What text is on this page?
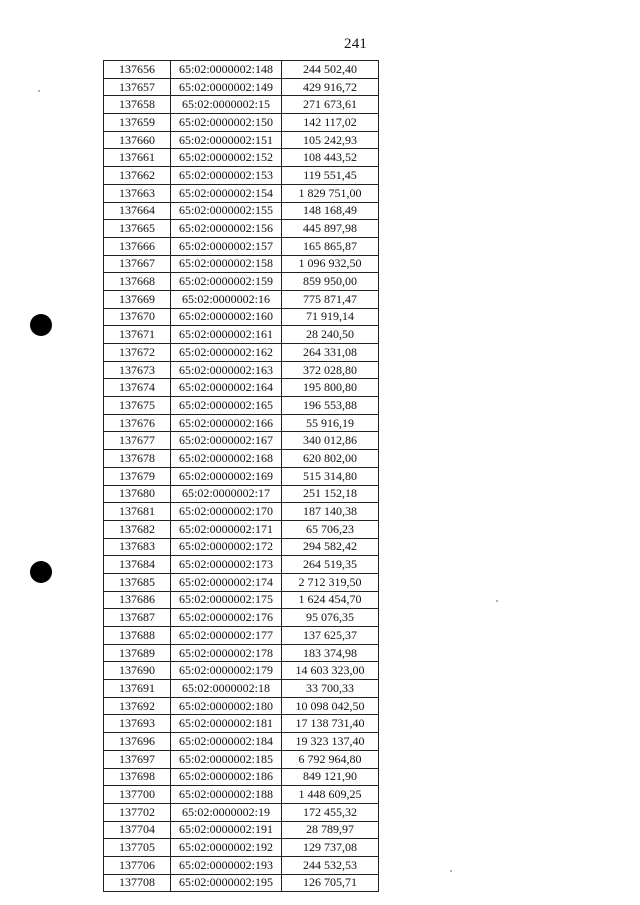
241
137656	65:02:0000002:148	244 502,40
137657	65:02:0000002:149	429 916,72
137658	65:02:0000002:15	271 673,61
137659	65:02:0000002:150	142 117,02
137660	65:02:0000002:151	105 242,93
137661	65:02:0000002:152	108 443,52
137662	65:02:0000002:153	119 551,45
137663	65:02:0000002:154	1 829 751,00
137664	65:02:0000002:155	148 168,49
137665	65:02:0000002:156	445 897,98
137666	65:02:0000002:157	165 865,87
137667	65:02:0000002:158	1 096 932,50
137668	65:02:0000002:159	859 950,00
137669	65:02:0000002:16	775 871,47
137670	65:02:0000002:160	71 919,14
137671	65:02:0000002:161	28 240,50
137672	65:02:0000002:162	264 331,08
137673	65:02:0000002:163	372 028,80
137674	65:02:0000002:164	195 800,80
137675	65:02:0000002:165	196 553,88
137676	65:02:0000002:166	55 916,19
137677	65:02:0000002:167	340 012,86
137678	65:02:0000002:168	620 802,00
137679	65:02:0000002:169	515 314,80
137680	65:02:0000002:17	251 152,18
137681	65:02:0000002:170	187 140,38
137682	65:02:0000002:171	65 706,23
137683	65:02:0000002:172	294 582,42
137684	65:02:0000002:173	264 519,35
137685	65:02:0000002:174	2 712 319,50
137686	65:02:0000002:175	1 624 454,70
137687	65:02:0000002:176	95 076,35
137688	65:02:0000002:177	137 625,37
137689	65:02:0000002:178	183 374,98
137690	65:02:0000002:179	14 603 323,00
137691	65:02:0000002:18	33 700,33
137692	65:02:0000002:180	10 098 042,50
137693	65:02:0000002:181	17 138 731,40
137696	65:02:0000002:184	19 323 137,40
137697	65:02:0000002:185	6 792 964,80
137698	65:02:0000002:186	849 121,90
137700	65:02:0000002:188	1 448 609,25
137702	65:02:0000002:19	172 455,32
137704	65:02:0000002:191	28 789,97
137705	65:02:0000002:192	129 737,08
137706	65:02:0000002:193	244 532,53
137708	65:02:0000002:195	126 705,71
